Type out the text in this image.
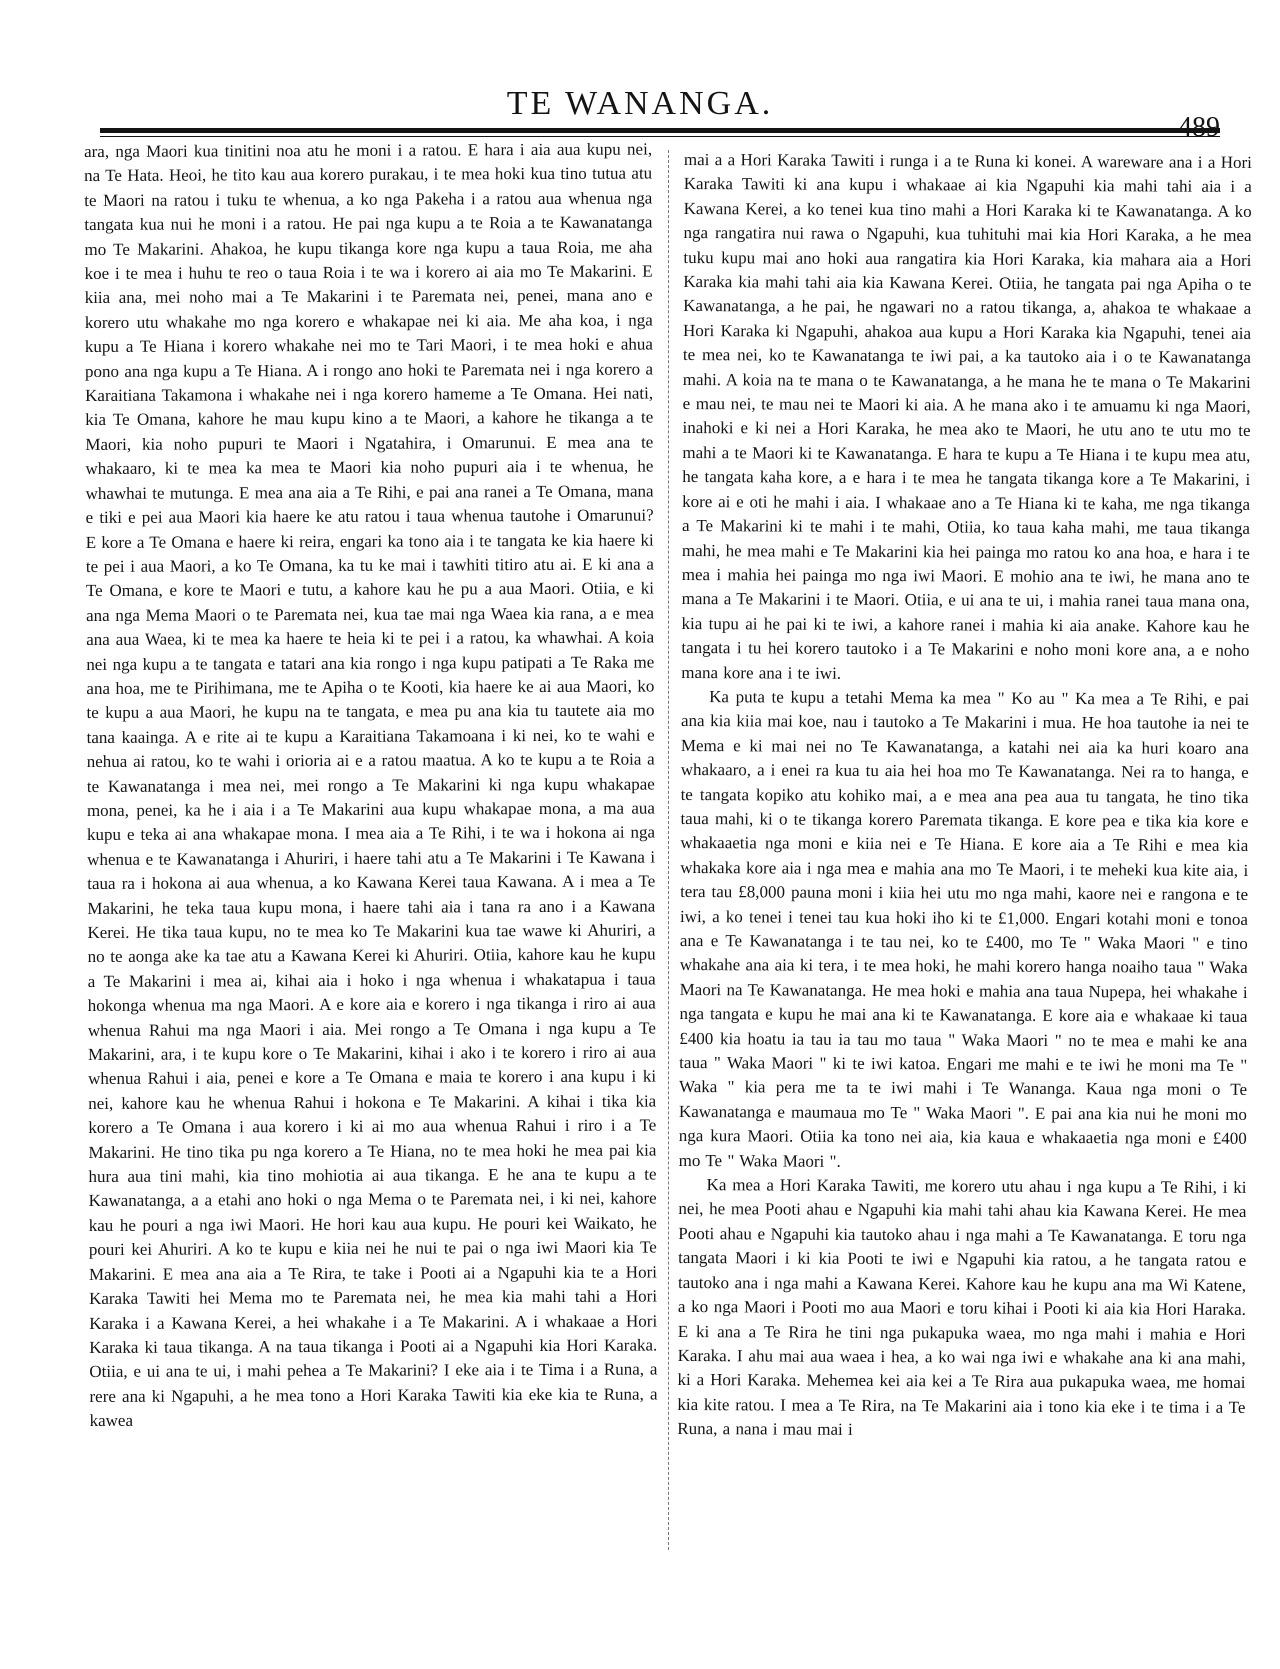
TE WANANGA.

ara, nga Maori kua tinitini noa atu he moni i a ratou. E hara i aia aua kupu nei, na Te Hata. Heoi, he tito kau aua korero purakau, i te mea hoki kua tino tutua atu te Maori na ratou i tuku te whenua, a ko nga Pakeha i a ratou aua whenua nga tangata kua nui he moni i a ratou. He pai nga kupu a te Roia a te Kawanatanga mo Te Makarini. Ahakoa, he kupu tikanga kore nga kupu a taua Roia, me aha koe i te mea i huhu te reo o taua Roia i te wa i korero ai aia mo Te Makarini. E kiia ana, mei noho mai a Te Makarini i te Paremata nei, penei, mana ano e korero utu whakahe mo nga korero e whakapae nei ki aia. Me aha koa, i nga kupu a Te Hiana i korero whakahe nei mo te Tari Maori, i te mea hoki e ahua pono ana nga kupu a Te Hiana. A i rongo ano hoki te Paremata nei i nga korero a Karaitiana Takamona i whakahe nei i nga korero hameme a Te Omana. Hei nati, kia Te Omana, kahore he mau kupu kino a te Maori, a kahore he tikanga a te Maori, kia noho pupuri te Maori i Ngatahira, i Omarunui. E mea ana te whakaaro, ki te mea ka mea te Maori kia noho pupuri aia i te whenua, he whawhai te mutunga. E mea ana aia a Te Rihi, e pai ana ranei a Te Omana, mana e tiki e pei aua Maori kia haere ke atu ratou i taua whenua tautohe i Omarunui? E kore a Te Omana e haere ki reira, engari ka tono aia i te tangata ke kia haere ki te pei i aua Maori, a ko Te Omana, ka tu ke mai i tawhiti titiro atu ai. E ki ana a Te Omana, e kore te Maori e tutu, a kahore kau he pu a aua Maori. Otiia, e ki ana nga Mema Maori o te Paremata nei, kua tae mai nga Waea kia rana, a e mea ana aua Waea, ki te mea ka haere te heia ki te pei i a ratou, ka whawhai. A koia nei nga kupu a te tangata e tatari ana kia rongo i nga kupu patipati a Te Raka me ana hoa, me te Pirihimana, me te Apiha o te Kooti, kia haere ke ai aua Maori, ko te kupu a aua Maori, he kupu na te tangata, e mea pu ana kia tu tautete aia mo tana kaainga. A e rite ai te kupu a Karaitiana Takamoana i ki nei, ko te wahi e nehua ai ratou, ko te wahi i orioria ai e a ratou maatua. A ko te kupu a te Roia a te Kawanatanga i mea nei, mei rongo a Te Makarini ki nga kupu whakapae mona, penei, ka he i aia i a Te Makarini aua kupu whakapae mona, a ma aua kupu e teka ai ana whakapae mona. I mea aia a Te Rihi, i te wa i hokona ai nga whenua e te Kawanatanga i Ahuriri, i haere tahi atu a Te Makarini i Te Kawana i taua ra i hokona ai aua whenua, a ko Kawana Kerei taua Kawana. A i mea a Te Makarini, he teka taua kupu mona, i haere tahi aia i tana ra ano i a Kawana Kerei. He tika taua kupu, no te mea ko Te Makarini kua tae wawe ki Ahuriri, a no te aonga ake ka tae atu a Kawana Kerei ki Ahuriri. Otiia, kahore kau he kupu a Te Makarini i mea ai, kihai aia i hoko i nga whenua i whakatapua i taua hokonga whenua ma nga Maori. A e kore aia e korero i nga tikanga i riro ai aua whenua Rahui ma nga Maori i aia. Mei rongo a Te Omana i nga kupu a Te Makarini, ara, i te kupu kore o Te Makarini, kihai i ako i te korero i riro ai aua whenua Rahui i aia, penei e kore a Te Omana e maia te korero i ana kupu i ki nei, kahore kau he whenua Rahui i hokona e Te Makarini. A kihai i tika kia korero a Te Omana i aua korero i ki ai mo aua whenua Rahui i riro i a Te Makarini. He tino tika pu nga korero a Te Hiana, no te mea hoki he mea pai kia hura aua tini mahi, kia tino mohiotia ai aua tikanga. E he ana te kupu a te Kawanatanga, a a etahi ano hoki o nga Mema o te Paremata nei, i ki nei, kahore kau he pouri a nga iwi Maori. He hori kau aua kupu. He pouri kei Waikato, he pouri kei Ahuriri. A ko te kupu e kiia nei he nui te pai o nga iwi Maori kia Te Makarini. E mea ana aia a Te Rira, te take i Pooti ai a Ngapuhi kia te a Hori Karaka Tawiti hei Mema mo te Paremata nei, he mea kia mahi tahi a Hori Karaka i a Kawana Kerei, a hei whakahe i a Te Makarini. A i whakaae a Hori Karaka ki taua tikanga. A na taua tikanga i Pooti ai a Ngapuhi kia Hori Karaka. Otiia, e ui ana te ui, i mahi pehea a Te Makarini? I eke aia i te Tima i a Runa, a rere ana ki Ngapuhi, a he mea tono a Hori Karaka Tawiti kia eke kia te Runa, a kawea

mai a a Hori Karaka Tawiti i runga i a te Runa ki konei. A wareware ana i a Hori Karaka Tawiti ki ana kupu i whakaae ai kia Ngapuhi kia mahi tahi aia i a Kawana Kerei, a ko tenei kua tino mahi a Hori Karaka ki te Kawanatanga. A ko nga rangatira nui rawa o Ngapuhi, kua tuhituhi mai kia Hori Karaka, a he mea tuku kupu mai ano hoki aua rangatira kia Hori Karaka, kia mahara aia a Hori Karaka kia mahi tahi aia kia Kawana Kerei. Otiia, he tangata pai nga Apiha o te Kawanatanga, a he pai, he ngawari no a ratou tikanga, a, ahakoa te whakaae a Hori Karaka ki Ngapuhi, ahakoa aua kupu a Hori Karaka kia Ngapuhi, tenei aia te mea nei, ko te Kawanatanga te iwi pai, a ka tautoko aia i o te Kawanatanga mahi. A koia na te mana o te Kawanatanga, a he mana he te mana o Te Makarini e mau nei, te mau nei te Maori ki aia. A he mana ako i te amuamu ki nga Maori, inahoki e ki nei a Hori Karaka, he mea ako te Maori, he utu ano te utu mo te mahi a te Maori ki te Kawanatanga. E hara te kupu a Te Hiana i te kupu mea atu, he tangata kaha kore, a e hara i te mea he tangata tikanga kore a Te Makarini, i kore ai e oti he mahi i aia. I whakaae ano a Te Hiana ki te kaha, me nga tikanga a Te Makarini ki te mahi i te mahi, Otiia, ko taua kaha mahi, me taua tikanga mahi, he mea mahi e Te Makarini kia hei painga mo ratou ko ana hoa, e hara i te mea i mahia hei painga mo nga iwi Maori. E mohio ana te iwi, he mana ano te mana a Te Makarini i te Maori. Otiia, e ui ana te ui, i mahia ranei taua mana ona, kia tupu ai he pai ki te iwi, a kahore ranei i mahia ki aia anake. Kahore kau he tangata i tu hei korero tautoko i a Te Makarini e noho moni kore ana, a e noho mana kore ana i te iwi.

Ka puta te kupu a tetahi Mema ka mea " Ko au " Ka mea a Te Rihi, e pai ana kia kiia mai koe, nau i tautoko a Te Makarini i mua. He hoa tautohe ia nei te Mema e ki mai nei no Te Kawanatanga, a katahi nei aia ka huri koaro ana whakaaro, a i enei ra kua tu aia hei hoa mo Te Kawanatanga. Nei ra to hanga, e te tangata kopiko atu kohiko mai, a e mea ana pea aua tu tangata, he tino tika taua mahi, ki o te tikanga korero Paremata tikanga. E kore pea e tika kia kore e whakaaetia nga moni e kiia nei e Te Hiana. E kore aia a Te Rihi e mea kia whakaka kore aia i nga mea e mahia ana mo Te Maori, i te meheki kua kite aia, i tera tau £8,000 pauna moni i kiia hei utu mo nga mahi, kaore nei e rangona e te iwi, a ko tenei i tenei tau kua hoki iho ki te £1,000. Engari kotahi moni e tonoa ana e Te Kawanatanga i te tau nei, ko te £400, mo Te " Waka Maori " e tino whakahe ana aia ki tera, i te mea hoki, he mahi korero hanga noaiho taua " Waka Maori na Te Kawanatanga. He mea hoki e mahia ana taua Nupepa, hei whakahe i nga tangata e kupu he mai ana ki te Kawanatanga. E kore aia e whakaae ki taua £400 kia hoatu ia tau ia tau mo taua " Waka Maori " no te mea e mahi ke ana taua " Waka Maori " ki te iwi katoa. Engari me mahi e te iwi he moni ma Te " Waka " kia pera me ta te iwi mahi i Te Wananga. Kaua nga moni o Te Kawanatanga e maumaua mo Te " Waka Maori ". E pai ana kia nui he moni mo nga kura Maori. Otiia ka tono nei aia, kia kaua e whakaaetia nga moni e £400 mo Te " Waka Maori ".

Ka mea a Hori Karaka Tawiti, me korero utu ahau i nga kupu a Te Rihi, i ki nei, he mea Pooti ahau e Ngapuhi kia mahi tahi ahau kia Kawana Kerei. He mea Pooti ahau e Ngapuhi kia tautoko ahau i nga mahi a Te Kawanatanga. E toru nga tangata Maori i ki kia Pooti te iwi e Ngapuhi kia ratou, a he tangata ratou e tautoko ana i nga mahi a Kawana Kerei. Kahore kau he kupu ana ma Wi Katene, a ko nga Maori i Pooti mo aua Maori e toru kihai i Pooti ki aia kia Hori Haraka. E ki ana a Te Rira he tini nga pukapuka waea, mo nga mahi i mahia e Hori Karaka. I ahu mai aua waea i hea, a ko wai nga iwi e whakahe ana ki ana mahi, ki a Hori Karaka. Mehemea kei aia kei a Te Rira aua pukapuka waea, me homai kia kite ratou. I mea a Te Rira, na Te Makarini aia i tono kia eke i te tima i a Te Runa, a nana i mau mai i
